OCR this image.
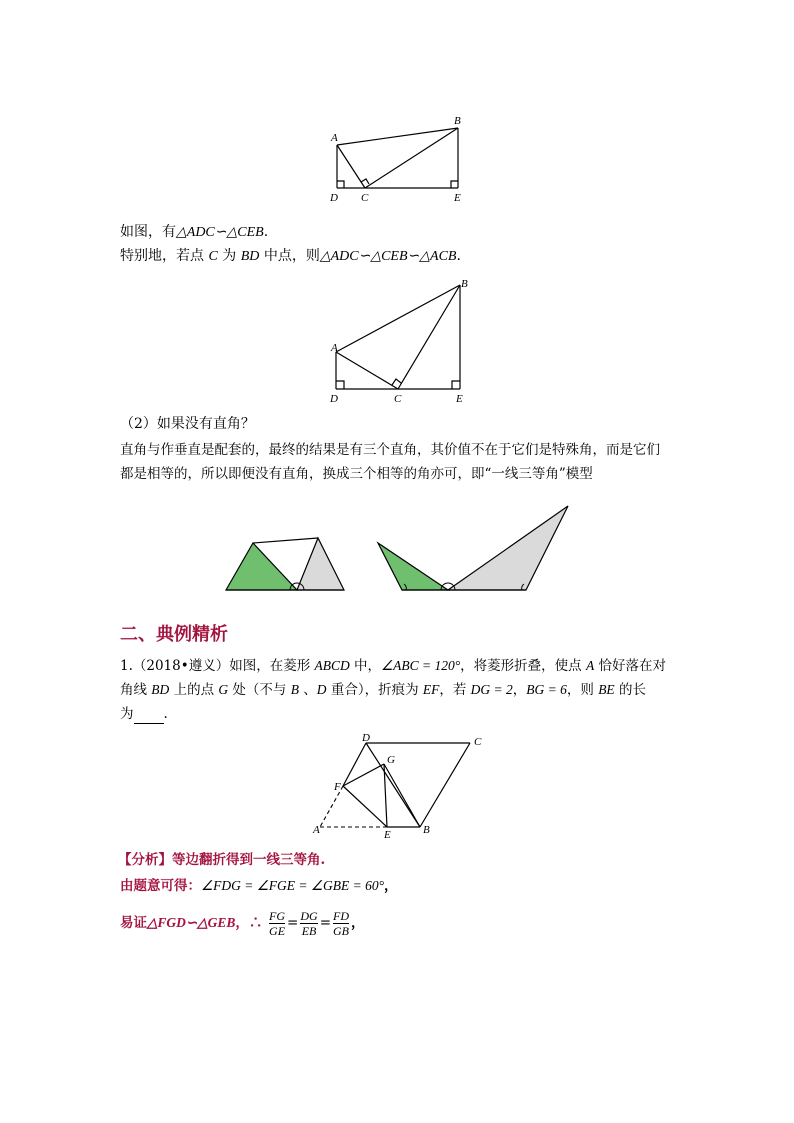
A
B
C
D	E
如图，有△ADC∽△CEB.
特别地，若点 C 为 BD 中点，则△ADC∽△CEB∽△ACB.
A
B
C
D	E
（2）如果没有直角？
直角与作垂直是配套的，最终的结果是有三个直角，其价值不在于它们是特殊角，而是它们
都是相等的，所以即便没有直角，换成三个相等的角亦可，即“一线三等角”模型
二、典例精析
1.（2018•遵义）如图，在菱形 ABCD 中，∠ABC = 120°，将菱形折叠，使点 A 恰好落在对
角线 BD 上的点 G 处（不与 B 、D 重合），折痕为 EF，若 DG = 2，BG = 6，则 BE 的长
为 .
D	C
G
F
A	E	B
【分析】等边翻折得到一线三等角.
由题意可得：∠FDG = ∠FGE = ∠GBE = 60°，
易证△FGD∽△GEB，∴ $\frac{FG}{GE} = \frac{DG}{EB} = \frac{FD}{GB}$ ，
